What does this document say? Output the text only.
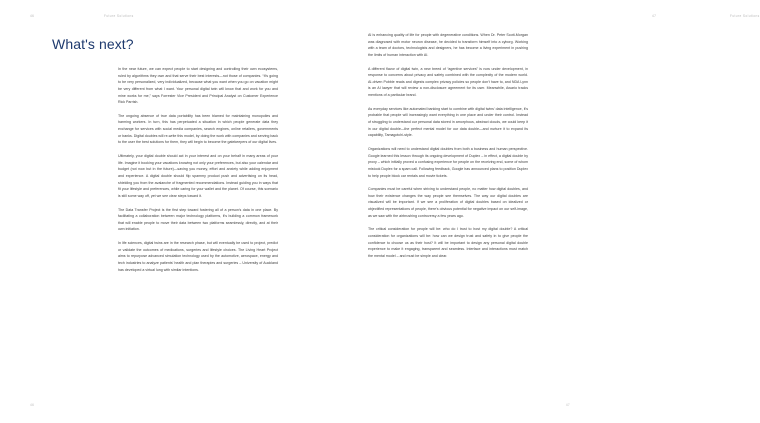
46	Future Solutions
What's next?

In the near future, we can expect people to start designing and controlling their own ecosystems, ruled by algorithms they own and that serve their best interests—not those of companies. “It's going to be very personalized, very individualized, because what you want when you go on vacation might be very different from what I want. Your personal digital twin will know that and work for you and mine works for me,” says Forrester Vice President and Principal Analyst on Customer Experience Rick Parrish.

The ongoing absence of true data portability has been blamed for maintaining monopolies and harming workers. In turn, this has perpetuated a situation in which people generate data they exchange for services with social media companies, search engines, online retailers, governments or banks. Digital doubles will re-write this model, by doing the work with companies and serving back to the user the best solutions for them, they will begin to become the gatekeepers of our digital lives.

Ultimately, your digital double should act in your interest and on your behalf in many areas of your life. Imagine it booking your vacations knowing not only your preferences, but also your calendar and budget (not now but in the future)—saving you money, effort and anxiety while adding enjoyment and experience. A digital double should flip spammy product push and advertising on its head, shielding you from the avalanche of fragmented recommendations. Instead guiding you in ways that fit your lifestyle and preferences, while caring for your wallet and the planet. Of course, this scenario is still some way off, yet we see clear steps toward it.

The Data Transfer Project is the first step toward fostering all of a person's data in one place. By facilitating a collaboration between major technology platforms, it's building a common framework that will enable people to move their data between two platforms seamlessly, directly, and at their own initiation.

In life sciences, digital twins are in the research phase, but will eventually be used to project, predict or validate the outcomes of medications, surgeries and lifestyle choices. The Living Heart Project aims to repurpose advanced simulation technology used by the automotive, aerospace, energy and tech industries to analyze patients' health and plan therapies and surgeries – University of Auckland has developed a virtual lung with similar intentions.

46
47	Future Solutions

AI is enhancing quality of life for people with degenerative conditions. When Dr. Peter Scott-Morgan was diagnosed with motor neuron disease, he decided to transform himself into a cyborg. Working with a team of doctors, technologists and designers, he has become a living experiment in pushing the limits of human interaction with AI.

A different flavor of digital twin, a new breed of “agentive services” is now under development, in response to concerns about privacy and safety combined with the complexity of the modern world. AI-driven Pobble reads and digests complex privacy policies so people don't have to, and NDA Lynn is an AI lawyer that will review a non-disclosure agreement for its user. Meanwhile, Awario tracks mentions of a particular brand.

As everyday services like automated banking start to combine with digital twins' data intelligence, it's probable that people will increasingly want everything in one place and under their control. Instead of struggling to understand our personal data stored in amorphous, abstract clouds, we could keep it in our digital double—the perfect mental model for our data double—and nurture it to expand its capability, Tamagotchi-style.

Organizations will need to understand digital doubles from both a business and human perspective. Google learned this lesson through its ongoing development of Duplex – in effect, a digital double by proxy – which initially proved a confusing experience for people on the receiving end, some of whom mistook Duplex for a spam call. Following feedback, Google has announced plans to position Duplex to help people block car rentals and movie tickets.

Companies must be careful when striving to understand people, no matter how digital doubles, and how their existence changes the way people see themselves. The way our digital doubles are visualized will be important. If we see a proliferation of digital doubles based on idealized or objectified representations of people, there's obvious potential for negative impact on our self-image, as we saw with the airbrushing controversy a few years ago.

The critical consideration for people will be: who do I trust to host my digital double? A critical consideration for organizations will be: how can we design trust and safety in to give people the confidence to choose us as their host? It will be important to design any personal digital double experience to make it engaging, transparent and seamless. Interface and interactions must match the mental model – and must be simple and clear.

47
